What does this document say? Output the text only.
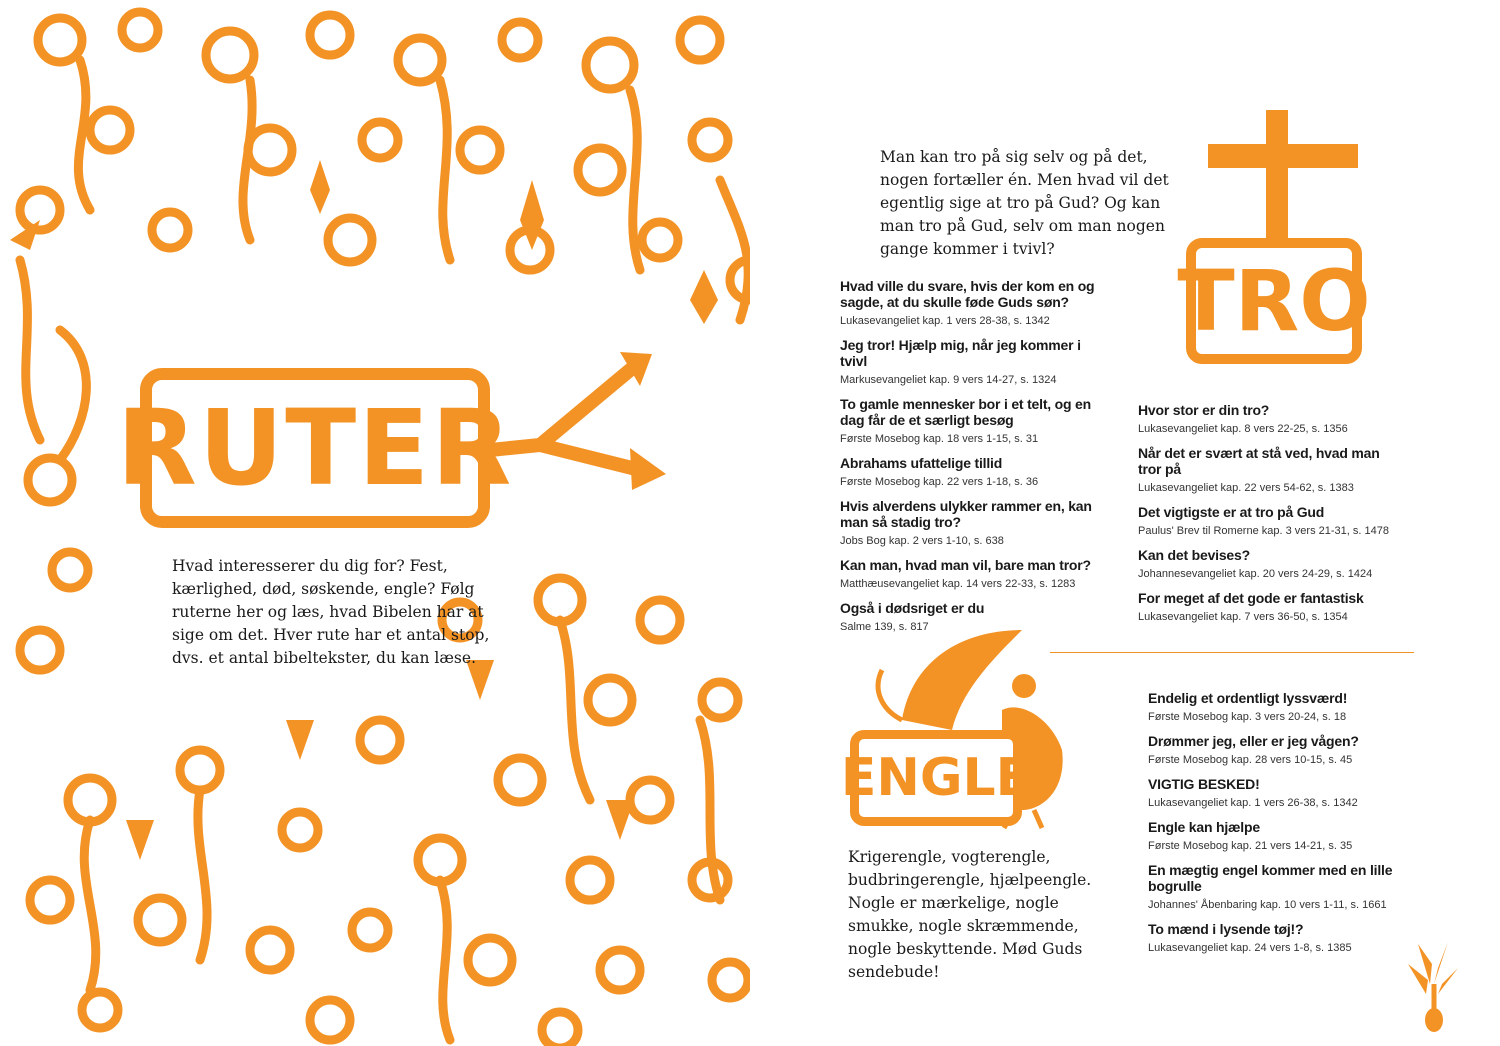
RUTER
Hvad interesserer du dig for? Fest, kærlighed, død, søskende, engle? Følg ruterne her og læs, hvad Bibelen har at sige om det. Hver rute har et antal stop, dvs. et antal bibeltekster, du kan læse.
Man kan tro på sig selv og på det, nogen fortæller én. Men hvad vil det egentlig sige at tro på Gud? Og kan man tro på Gud, selv om man nogen gange kommer i tvivl?
TRO
Hvad ville du svare, hvis der kom en og sagde, at du skulle føde Guds søn?
Lukasevangeliet kap. 1 vers 28-38, s. 1342
Jeg tror! Hjælp mig, når jeg kommer i tvivl
Markusevangeliet kap. 9 vers 14-27, s. 1324
To gamle mennesker bor i et telt, og en dag får de et særligt besøg
Første Mosebog kap. 18 vers 1-15, s. 31
Abrahams ufattelige tillid
Første Mosebog kap. 22 vers 1-18, s. 36
Hvis alverdens ulykker rammer en, kan man så stadig tro?
Jobs Bog kap. 2 vers 1-10, s. 638
Kan man, hvad man vil, bare man tror?
Matthæusevangeliet kap. 14 vers 22-33, s. 1283
Også i dødsriget er du
Salme 139, s. 817
Hvor stor er din tro?
Lukasevangeliet kap. 8 vers 22-25, s. 1356
Når det er svært at stå ved, hvad man tror på
Lukasevangeliet kap. 22 vers 54-62, s. 1383
Det vigtigste er at tro på Gud
Paulus' Brev til Romerne kap. 3 vers 21-31, s. 1478
Kan det bevises?
Johannesevangeliet kap. 20 vers 24-29, s. 1424
For meget af det gode er fantastisk
Lukasevangeliet kap. 7 vers 36-50, s. 1354
ENGLE
Krigerengle, vogterengle, budbringerengle, hjælpeengle. Nogle er mærkelige, nogle smukke, nogle skræmmende, nogle beskyttende. Mød Guds sendebude!
Endelig et ordentligt lyssværd!
Første Mosebog kap. 3 vers 20-24, s. 18
Drømmer jeg, eller er jeg vågen?
Første Mosebog kap. 28 vers 10-15, s. 45
VIGTIG BESKED!
Lukasevangeliet kap. 1 vers 26-38, s. 1342
Engle kan hjælpe
Første Mosebog kap. 21 vers 14-21, s. 35
En mægtig engel kommer med en lille bogrulle
Johannes' Åbenbaring kap. 10 vers 1-11, s. 1661
To mænd i lysende tøj!?
Lukasevangeliet kap. 24 vers 1-8, s. 1385
